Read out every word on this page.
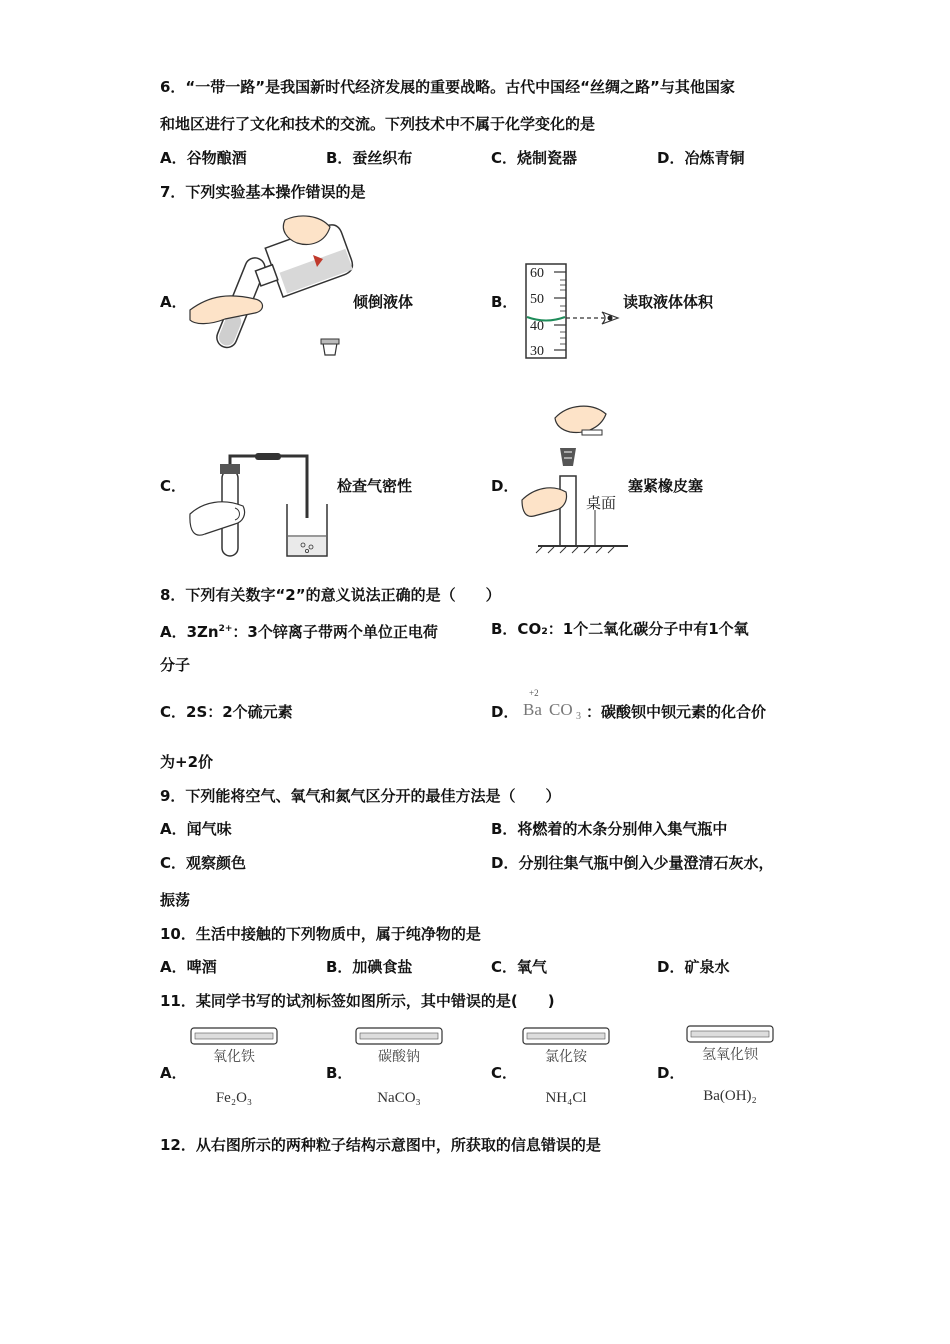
6．“一带一路”是我国新时代经济发展的重要战略。古代中国经“丝绸之路”与其他国家
和地区进行了文化和技术的交流。下列技术中不属于化学变化的是
A．谷物酿酒	B．蚕丝织布	C．烧制瓷器	D．冶炼青铜
7．下列实验基本操作错误的是
A．	倾倒液体	B．	读取液体体积
60
50
40
30
C．	检查气密性	D．	塞紧橡皮塞
桌面
8．下列有关数字“2”的意义说法正确的是（　　）
A．$3Zn^{2+}$：3个锌离子带两个单位正电荷	B．CO₂：1个二氧化碳分子中有1个氧
分子
C．2S：2个硫元素	D．
+2
Ba CO 3 ：碳酸钡中钡元素的化合价
为+2价
9．下列能将空气、氧气和氮气区分开的最佳方法是（　　）
A．闻气味	B．将燃着的木条分别伸入集气瓶中
C．观察颜色	D．分别往集气瓶中倒入少量澄清石灰水，
振荡
10．生活中接触的下列物质中，属于纯净物的是
A．啤酒	B．加碘食盐	C．氧气	D．矿泉水
11．某同学书写的试剂标签如图所示，其中错误的是(　　)
A．
氧化铁
Fe₂O₃
B．
碳酸钠
NaCO₃
C．
氯化铵
NH₄Cl
D．
氢氧化钡
Ba(OH)₂
12．从右图所示的两种粒子结构示意图中，所获取的信息错误的是
